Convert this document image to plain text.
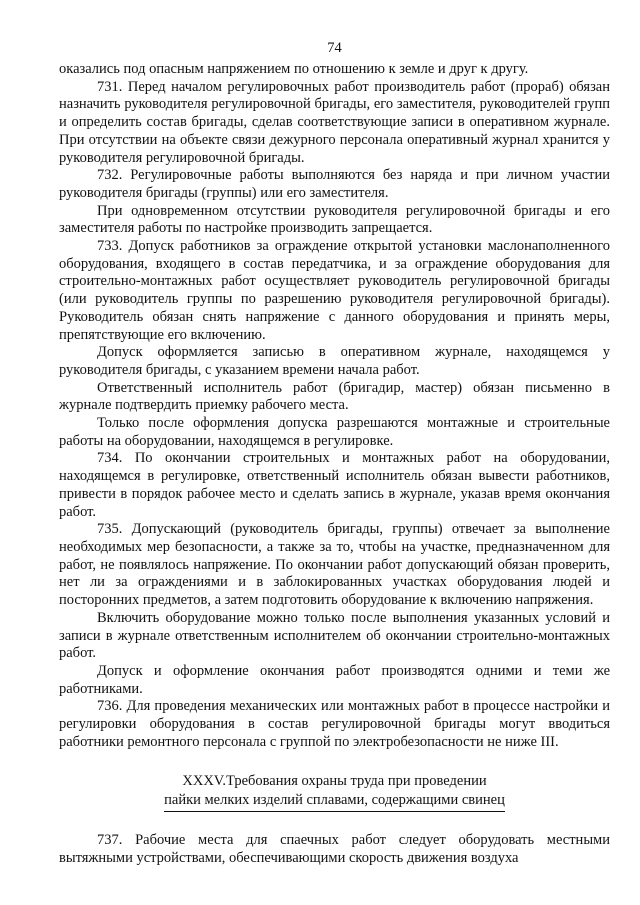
74

оказались под опасным напряжением по отношению к земле и друг к другу.

731. Перед началом регулировочных работ производитель работ (прораб) обязан назначить руководителя регулировочной бригады, его заместителя, руководителей групп и определить состав бригады, сделав соответствующие записи в оперативном журнале. При отсутствии на объекте связи дежурного персонала оперативный журнал хранится у руководителя регулировочной бригады.

732. Регулировочные работы выполняются без наряда и при личном участии руководителя бригады (группы) или его заместителя.

При одновременном отсутствии руководителя регулировочной бригады и его заместителя работы по настройке производить запрещается.

733. Допуск работников за ограждение открытой установки маслонаполненного оборудования, входящего в состав передатчика, и за ограждение оборудования для строительно-монтажных работ осуществляет руководитель регулировочной бригады (или руководитель группы по разрешению руководителя регулировочной бригады). Руководитель обязан снять напряжение с данного оборудования и принять меры, препятствующие его включению.

Допуск оформляется записью в оперативном журнале, находящемся у руководителя бригады, с указанием времени начала работ.

Ответственный исполнитель работ (бригадир, мастер) обязан письменно в журнале подтвердить приемку рабочего места.

Только после оформления допуска разрешаются монтажные и строительные работы на оборудовании, находящемся в регулировке.

734. По окончании строительных и монтажных работ на оборудовании, находящемся в регулировке, ответственный исполнитель обязан вывести работников, привести в порядок рабочее место и сделать запись в журнале, указав время окончания работ.

735. Допускающий (руководитель бригады, группы) отвечает за выполнение необходимых мер безопасности, а также за то, чтобы на участке, предназначенном для работ, не появлялось напряжение. По окончании работ допускающий обязан проверить, нет ли за ограждениями и в заблокированных участках оборудования людей и посторонних предметов, а затем подготовить оборудование к включению напряжения.

Включить оборудование можно только после выполнения указанных условий и записи в журнале ответственным исполнителем об окончании строительно-монтажных работ.

Допуск и оформление окончания работ производятся одними и теми же работниками.

736. Для проведения механических или монтажных работ в процессе настройки и регулировки оборудования в состав регулировочной бригады могут вводиться работники ремонтного персонала с группой по электробезопасности не ниже III.

XXXV.Требования охраны труда при проведении
пайки мелких изделий сплавами, содержащими свинец

737. Рабочие места для спаечных работ следует оборудовать местными вытяжными устройствами, обеспечивающими скорость движения воздуха
